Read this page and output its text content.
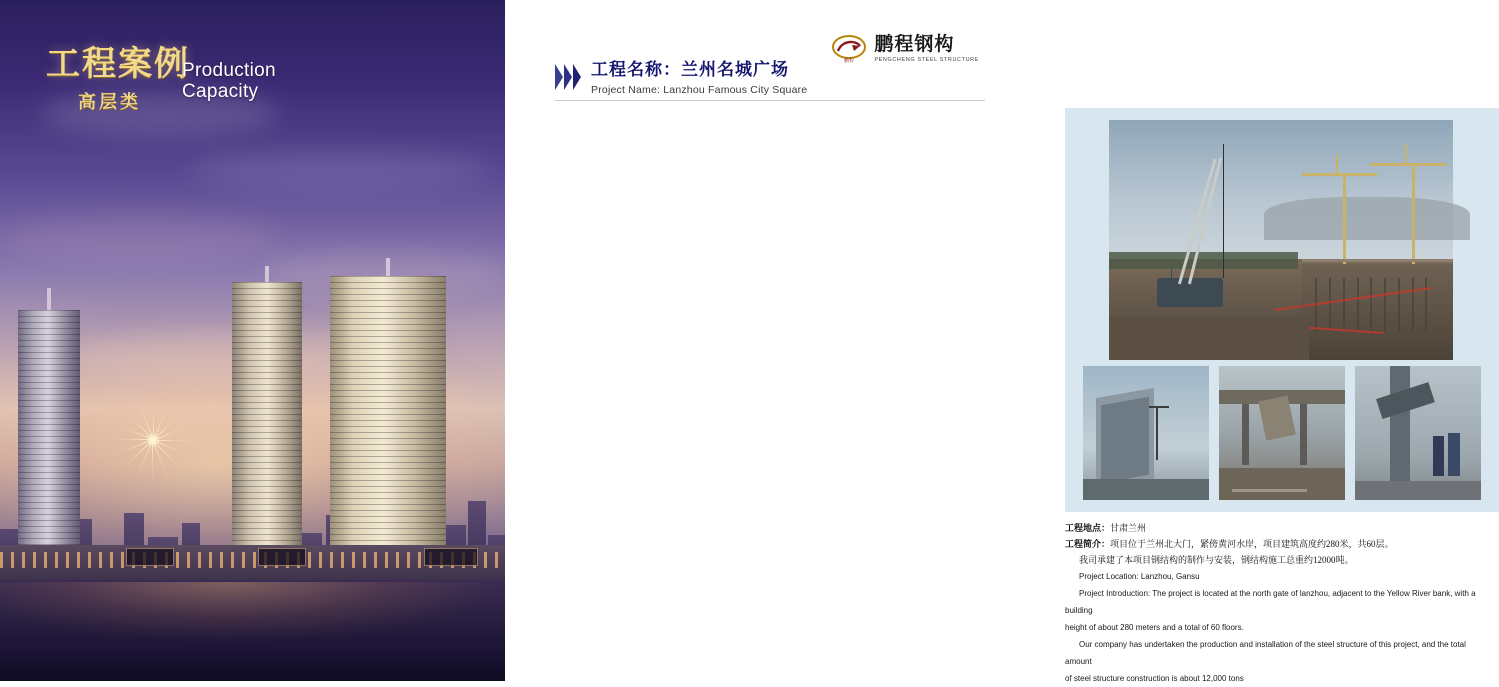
工程案例
高层类
Production
Capacity
鹏程
鹏程钢构
PENGCHENG STEEL STRUCTURE
工程名称：兰州名城广场
Project Name: Lanzhou Famous City Square
工程地点：甘肃兰州
工程简介：项目位于兰州北大门，紧傍黄河水岸，项目建筑高度约280米，共60层。
我司承建了本项目钢结构的制作与安装，钢结构施工总重约12000吨。
Project Location: Lanzhou, Gansu
Project Introduction: The project is located at the north gate of lanzhou, adjacent to the Yellow River bank, with a building
height of about 280 meters and a total of 60 floors.
Our company has undertaken the production and installation of the steel structure of this project, and the total amount
of steel structure construction is about 12,000 tons
